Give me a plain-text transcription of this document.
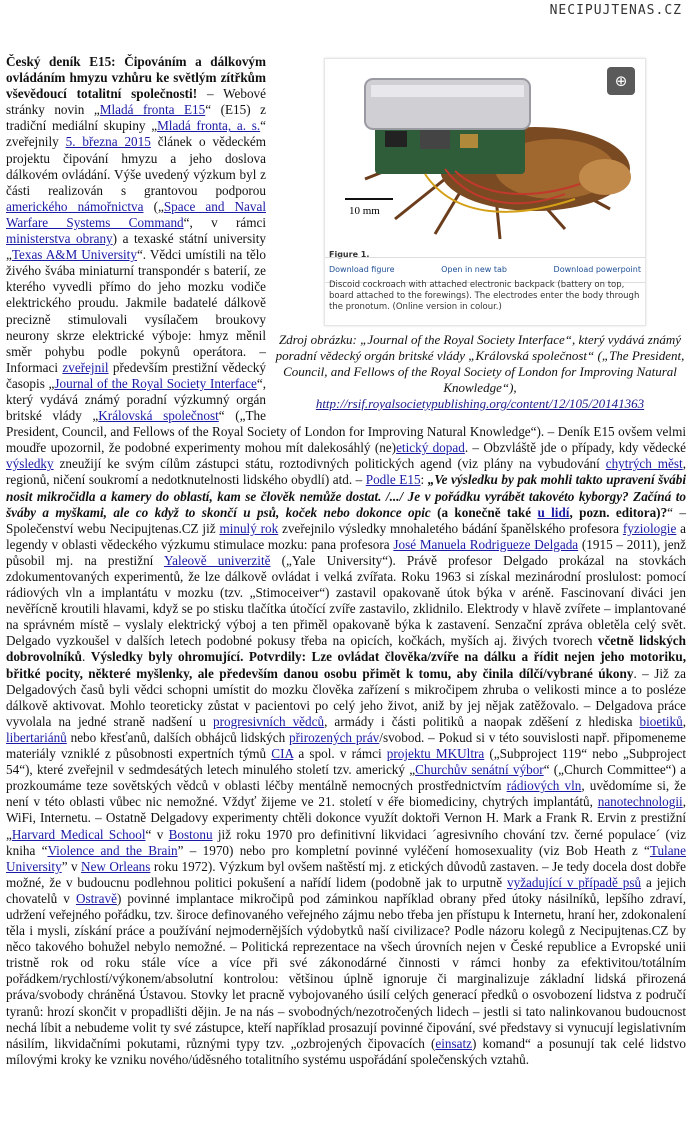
NECIPUJTENAS.CZ
10 mm
⊕
Figure 1.
Download figure	Open in new tab	Download powerpoint
Discoid cockroach with attached electronic backpack (battery on top, board attached to the forewings). The electrodes enter the body through the pronotum. (Online version in colour.)
Zdroj obrázku: „Journal of the Royal Society Interface“, který vydává známý poradní vědecký orgán britské vlády „Královská společnost“ („The President, Council, and Fellows of the Royal Society of London for Improving Natural Knowledge“),
http://rsif.royalsocietypublishing.org/content/12/105/20141363
Český deník E15: Čipováním a dálkovým ovládáním hmyzu vzhůru ke světlým zítřkům vševědoucí totalitní společnosti! – Webové stránky novin „Mladá fronta E15“ (E15) z tradiční mediální skupiny „Mladá fronta, a. s.“ zveřejnily 5. března 2015 článek o vědeckém projektu čipování hmyzu a jeho doslova dálkovém ovládání. Výše uvedený výzkum byl z části realizován s grantovou podporou amerického námořnictva („Space and Naval Warfare Systems Command“, v rámci ministerstva obrany) a texaské státní university „Texas A&M University“. Vědci umístili na tělo živého švába miniaturní transpondér s baterií, ze kterého vyvedli přímo do jeho mozku vodiče elektrického proudu. Jakmile badatelé dálkově precizně stimulovali vysílačem broukovy neurony skrze elektrické výboje: hmyz měnil směr pohybu podle pokynů operátora. – Informaci zveřejnil především prestižní vědecký časopis „Journal of the Royal Society Interface“, který vydává známý poradní výzkumný orgán britské vlády „Královská společnost“ („The President, Council, and Fellows of the Royal Society of London for Improving Natural Knowledge“). – Deník E15 ovšem velmi moudře upozornil, že podobné experimenty mohou mít dalekosáhlý (ne)etický dopad. – Obzvláště jde o případy, kdy vědecké výsledky zneužijí ke svým cílům zástupci státu, roztodivných politických agend (viz plány na vybudování chytrých měst, regionů, ničení soukromí a nedotknutelnosti lidského obydlí) atd. – Podle E15: „Ve výsledku by pak mohli takto upravení švábi nosit mikročidla a kamery do oblastí, kam se člověk nemůže dostat. /.../ Je v pořádku vyrábět takovéto kyborgy? Začíná to šváby a myškami, ale co když to skončí u psů, koček nebo dokonce opic (a konečně také u lidí, pozn. editora)?“ – Společenství webu Necipujtenas.CZ již minulý rok zveřejnilo výsledky mnohaletého bádání španělského profesora fyziologie a legendy v oblasti vědeckého výzkumu stimulace mozku: pana profesora José Manuela Rodrigueze Delgada (1915 – 2011), jenž působil mj. na prestižní Yaleově univerzitě („Yale University“). Právě profesor Delgado prokázal na stovkách zdokumentovaných experimentů, že lze dálkově ovládat i velká zvířata. Roku 1963 si získal mezinárodní proslulost: pomocí rádiových vln a implantátu v mozku (tzv. „Stimoceiver“) zastavil opakovaně útok býka v aréně. Fascinovaní diváci jen nevěřícně kroutili hlavami, když se po stisku tlačítka útočící zvíře zastavilo, zklidnilo. Elektrody v hlavě zvířete – implantované na správném místě – vyslaly elektrický výboj a ten přiměl opakovaně býka k zastavení. Senzační zpráva obletěla celý svět. Delgado vyzkoušel v dalších letech podobné pokusy třeba na opicích, kočkách, myších aj. živých tvorech včetně lidských dobrovolníků. Výsledky byly ohromující. Potvrdily: Lze ovládat člověka/zvíře na dálku a řídit nejen jeho motoriku, břitké pocity, některé myšlenky, ale především danou osobu přimět k tomu, aby činila dílčí/vybrané úkony. – Již za Delgadových časů byli vědci schopni umístit do mozku člověka zařízení s mikročipem zhruba o velikosti mince a to posléze dálkově aktivovat. Mohlo teoreticky zůstat v pacientovi po celý jeho život, aniž by jej nějak zatěžovalo. – Delgadova práce vyvolala na jedné straně nadšení u progresivních vědců, armády i části politiků a naopak zděšení z hlediska bioetiků, libertariánů nebo křesťanů, dalších obhájců lidských přirozených práv/svobod. – Pokud si v této souvislosti např. připomeneme materiály vzniklé z působnosti expertních týmů CIA a spol. v rámci projektu MKUltra („Subproject 119“ nebo „Subproject 54“), které zveřejnil v sedmdesátých letech minulého století tzv. americký „Churchův senátní výbor“ („Church Committee“) a prozkoumáme teze sovětských vědců v oblasti léčby mentálně nemocných prostřednictvím rádiových vln, uvědomíme si, že není v této oblasti vůbec nic nemožné. Vždyť žijeme ve 21. století v éře biomediciny, chytrých implantátů, nanotechnologii, WiFi, Internetu. – Ostatně Delgadovy experimenty chtěli dokonce využít doktoři Vernon H. Mark a Frank R. Ervin z prestižní „Harvard Medical School“ v Bostonu již roku 1970 pro definitivní likvidaci ´agresivního chování tzv. černé populace´ (viz kniha “Violence and the Brain” – 1970) nebo pro kompletní povinné vyléčení homosexuality (viz Bob Heath z “Tulane University” v New Orleans roku 1972). Výzkum byl ovšem naštěstí mj. z etických důvodů zastaven. – Je tedy docela dost dobře možné, že v budoucnu podlehnou politici pokušení a nařídí lidem (podobně jak to urputně vyžadující v případě psů a jejich chovatelů v Ostravě) povinné implantace mikročipů pod záminkou například obrany před útoky násilníků, lepšího zdraví, udržení veřejného pořádku, tzv. široce definovaného veřejného zájmu nebo třeba jen přístupu k Internetu, hraní her, zdokonalení těla i mysli, získání práce a používání nejmodernějších výdobytků naší civilizace? Podle názoru kolegů z Necipujtenas.CZ by něco takového bohužel nebylo nemožné. – Politická reprezentace na všech úrovních nejen v České republice a Evropské unii tristně rok od roku stále více a více při své zákonodárné činnosti v rámci honby za efektivitou/totálním pořádkem/rychlostí/výkonem/absolutní kontrolou: většinou úplně ignoruje či marginalizuje základní lidská přirozená práva/svobody chráněná Ústavou. Stovky let pracně vybojovaného úsilí celých generací předků o osvobození lidstva z područí tyranů: hrozí skončit v propadlišti dějin. Je na nás – svobodných/nezotročených lidech – jestli si tato nalinkovanou budoucnost nechá líbit a nebudeme volit ty své zástupce, kteří například prosazují povinné čipování, své představy si vynucují legislativním násilím, likvidačními pokutami, různými typy tzv. „ozbrojených čipovacích (einsatz) komand“ a posunují tak celé lidstvo mílovými kroky ke vzniku nového/úděsného totalitního systému uspořádání společenských vztahů.
